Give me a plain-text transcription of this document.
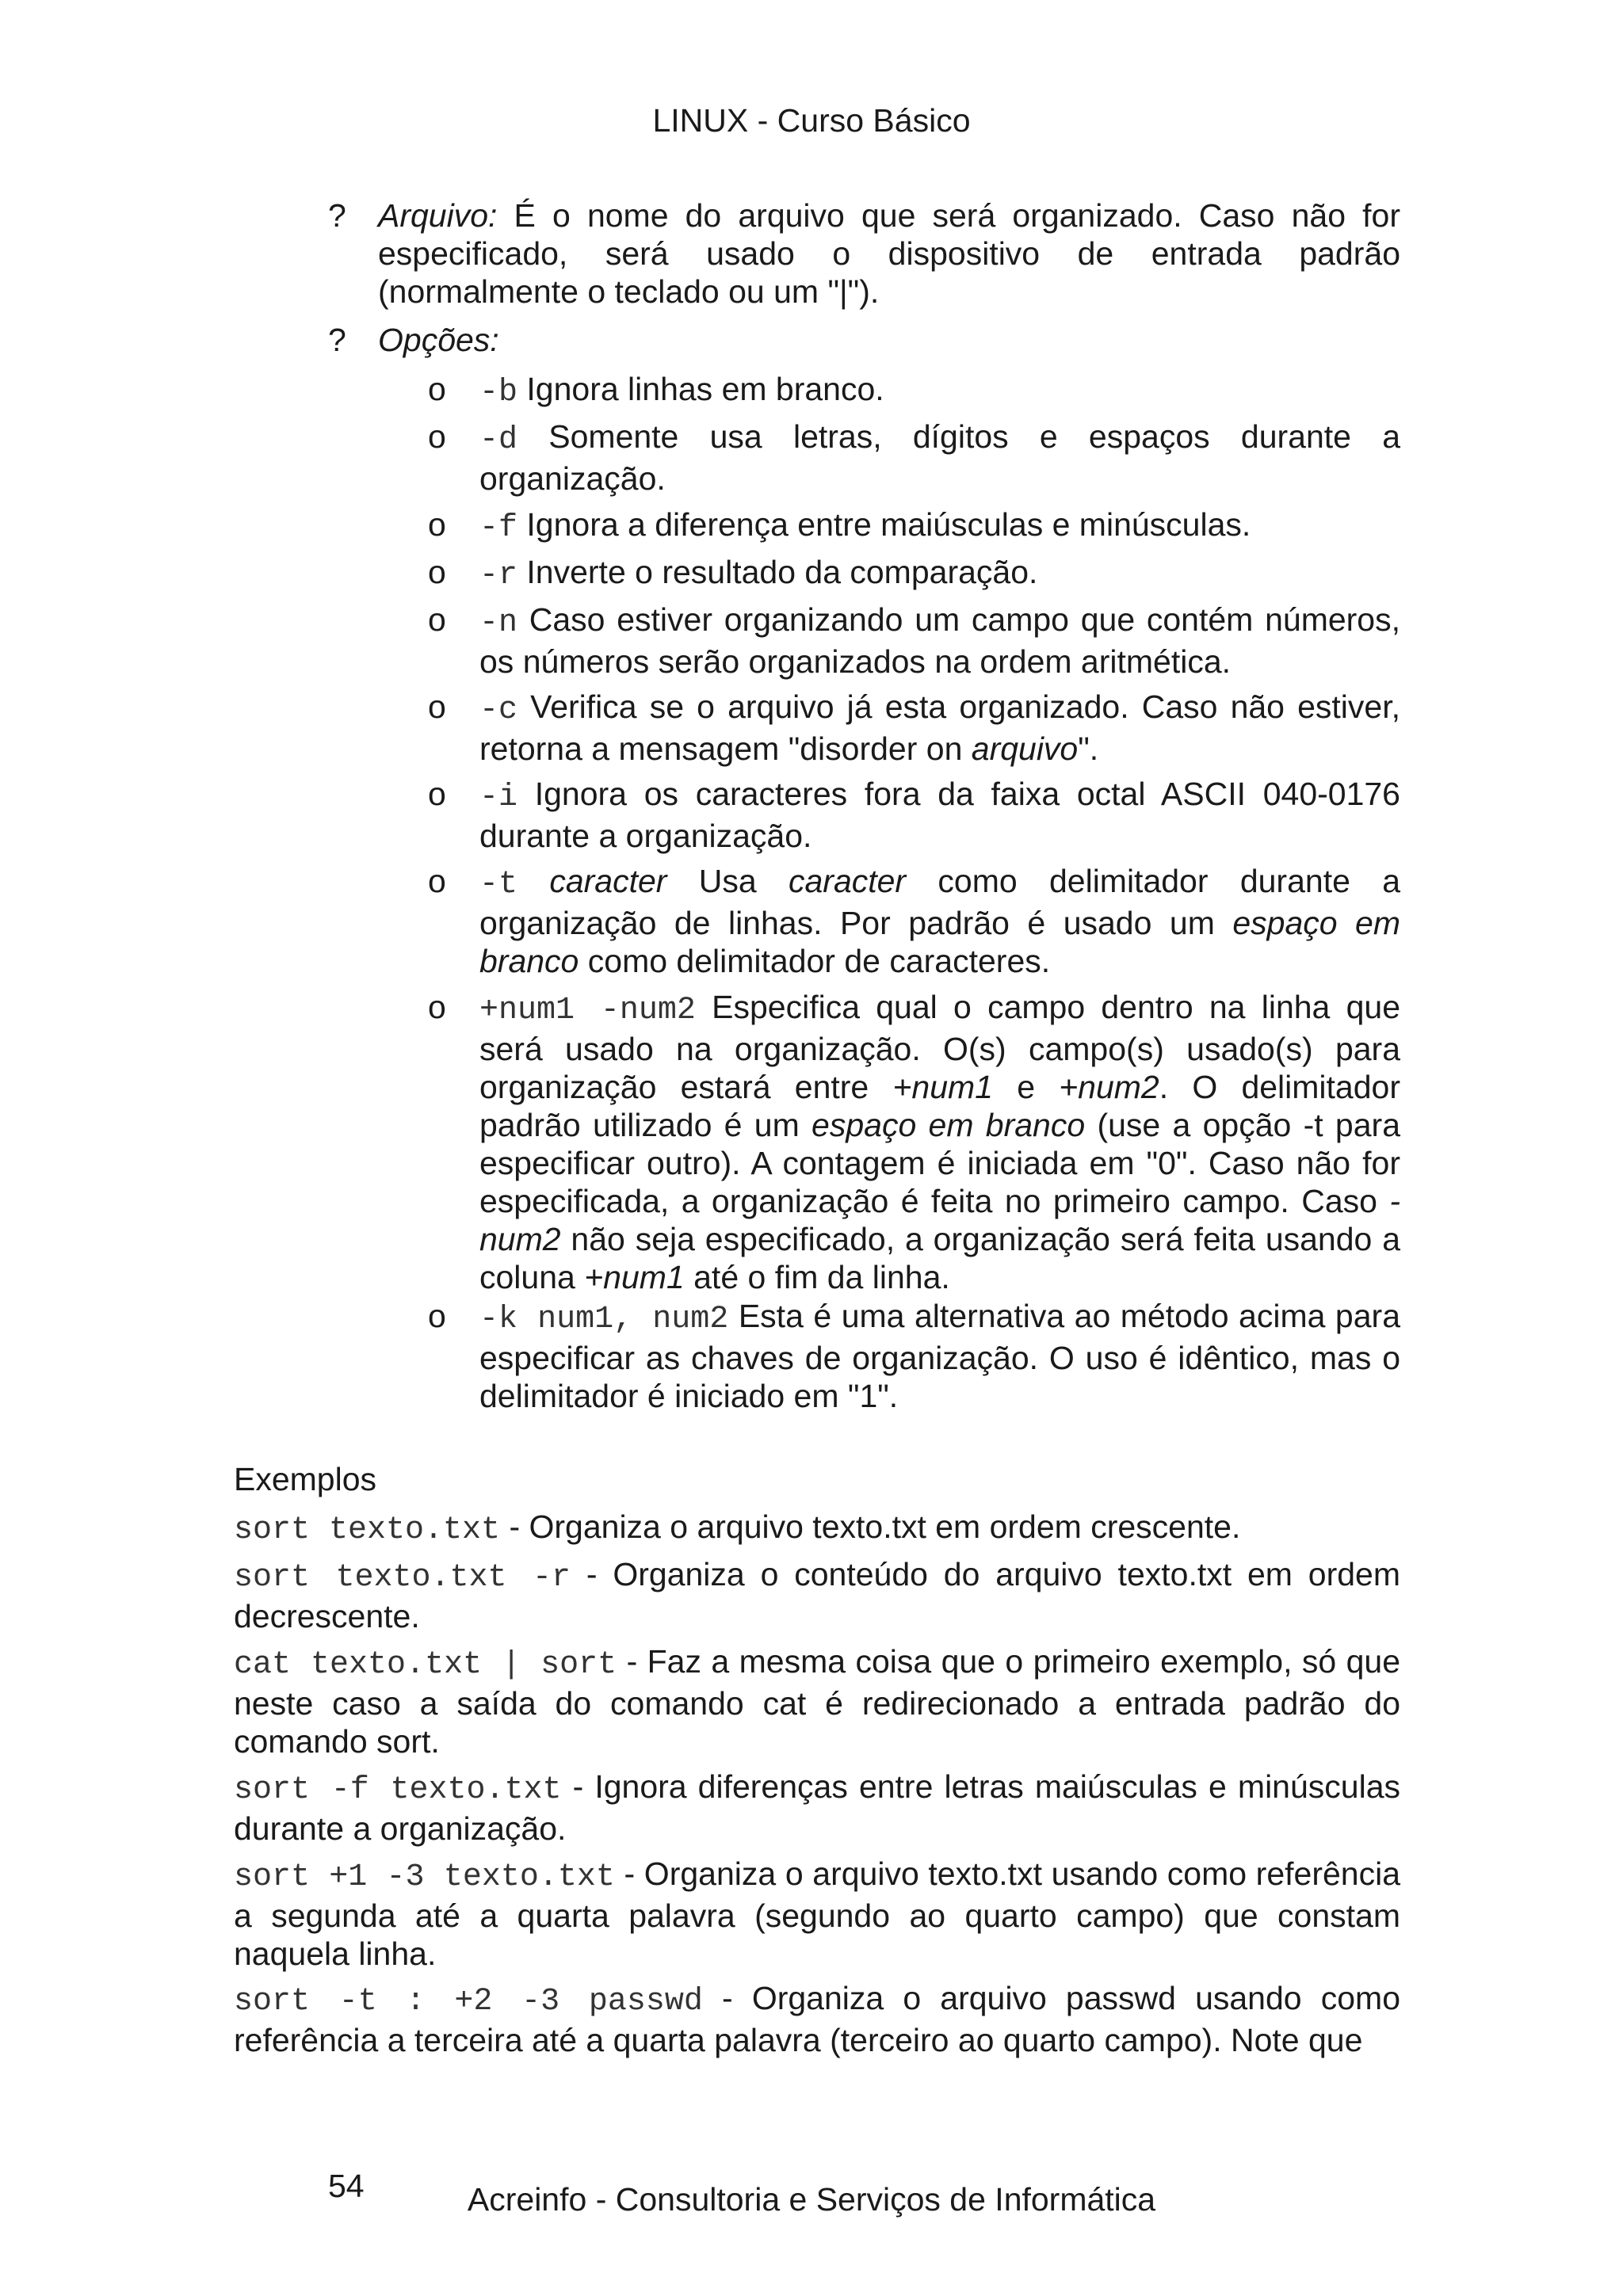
LINUX - Curso Básico
? Arquivo: É o nome do arquivo que será organizado. Caso não for especificado, será usado o dispositivo de entrada padrão (normalmente o teclado ou um "|").
? Opções:
o -b Ignora linhas em branco.
o -d Somente usa letras, dígitos e espaços durante a organização.
o -f Ignora a diferença entre maiúsculas e minúsculas.
o -r Inverte o resultado da comparação.
o -n Caso estiver organizando um campo que contém números, os números serão organizados na ordem aritmética.
o -c Verifica se o arquivo já esta organizado. Caso não estiver, retorna a mensagem "disorder on arquivo".
o -i Ignora os caracteres fora da faixa octal ASCII 040-0176 durante a organização.
o -t caracter Usa caracter como delimitador durante a organização de linhas. Por padrão é usado um espaço em branco como delimitador de caracteres.
o +num1 -num2 Especifica qual o campo dentro na linha que será usado na organização. O(s) campo(s) usado(s) para organização estará entre +num1 e +num2. O delimitador padrão utilizado é um espaço em branco (use a opção -t para especificar outro). A contagem é iniciada em "0". Caso não for especificada, a organização é feita no primeiro campo. Caso -num2 não seja especificado, a organização será feita usando a coluna +num1 até o fim da linha.
o -k num1, num2 Esta é uma alternativa ao método acima para especificar as chaves de organização. O uso é idêntico, mas o delimitador é iniciado em "1".
Exemplos
sort texto.txt - Organiza o arquivo texto.txt em ordem crescente.
sort texto.txt -r - Organiza o conteúdo do arquivo texto.txt em ordem decrescente.
cat texto.txt | sort - Faz a mesma coisa que o primeiro exemplo, só que neste caso a saída do comando cat é redirecionado a entrada padrão do comando sort.
sort -f texto.txt - Ignora diferenças entre letras maiúsculas e minúsculas durante a organização.
sort +1 -3 texto.txt - Organiza o arquivo texto.txt usando como referência a segunda até a quarta palavra (segundo ao quarto campo) que constam naquela linha.
sort -t : +2 -3 passwd - Organiza o arquivo passwd usando como referência a terceira até a quarta palavra (terceiro ao quarto campo). Note que
54	Acreinfo - Consultoria e Serviços de Informática
